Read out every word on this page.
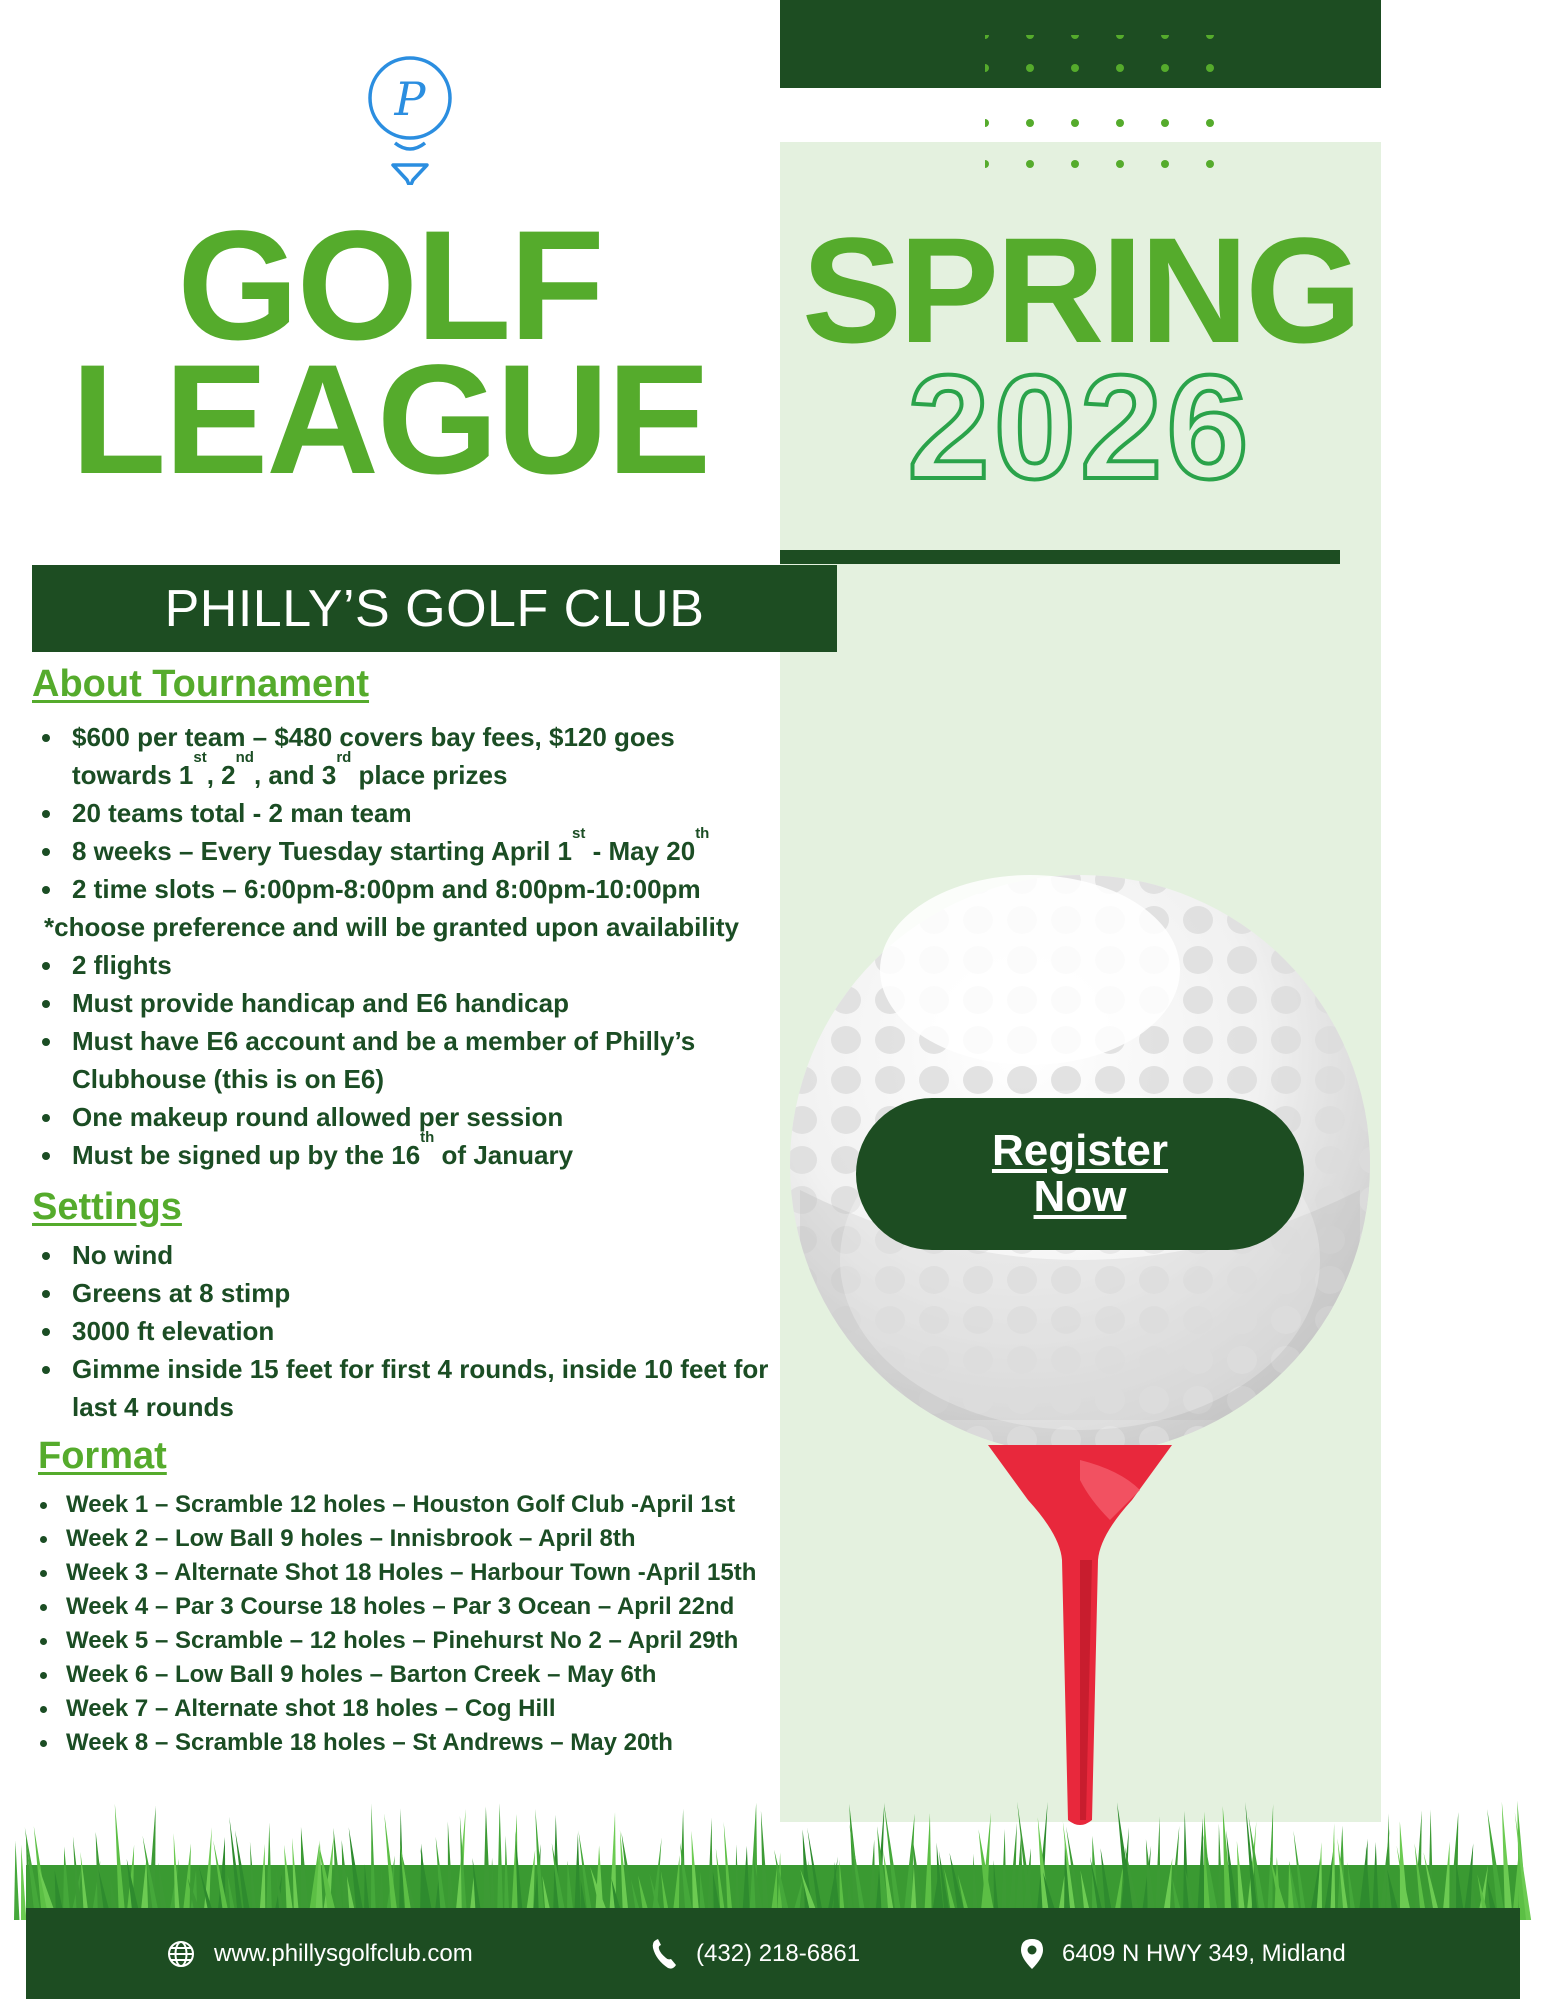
P
GOLF
LEAGUE
SPRING
2026
PHILLY’S GOLF CLUB
About Tournament
$600 per team – $480 covers bay fees, $120 goes
towards 1st, 2nd, and 3rd place prizes
20 teams total - 2 man team
8 weeks – Every Tuesday starting April 1st - May 20th
2 time slots – 6:00pm-8:00pm and 8:00pm-10:00pm
*choose preference and will be granted upon availability
2 flights
Must provide handicap and E6 handicap
Must have E6 account and be a member of Philly’s
Clubhouse (this is on E6)
One makeup round allowed per session
Must be signed up by the 16th of January
Settings
No wind
Greens at 8 stimp
3000 ft elevation
Gimme inside 15 feet for first 4 rounds, inside 10 feet for
last 4 rounds
Format
Week 1 – Scramble 12 holes – Houston Golf Club -April 1st
Week 2 – Low Ball 9 holes – Innisbrook – April 8th
Week 3 – Alternate Shot 18 Holes – Harbour Town -April 15th
Week 4 – Par 3 Course 18 holes – Par 3 Ocean – April 22nd
Week 5 – Scramble – 12 holes – Pinehurst No 2 – April 29th
Week 6 – Low Ball 9 holes – Barton Creek – May 6th
Week 7 – Alternate shot 18 holes – Cog Hill
Week 8 – Scramble 18 holes – St Andrews – May 20th
Register
Now
www.phillysgolfclub.com	(432) 218-6861	6409 N HWY 349, Midland
